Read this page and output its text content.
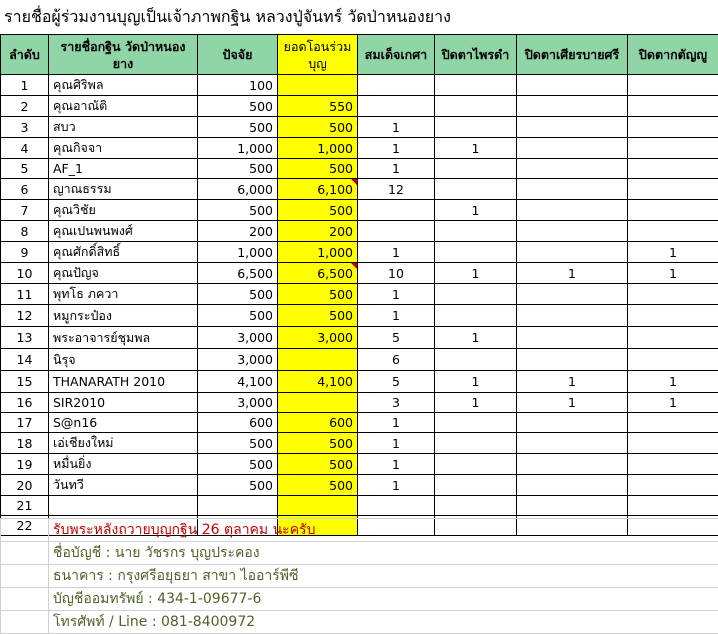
รายชื่อผู้ร่วมงานบุญเป็นเจ้าภาพกฐิน หลวงปู่จันทร์ วัดป่าหนองยาง
ลำดับ	รายชื่อกฐิน วัดป่าหนองยาง	ปัจจัย	ยอดโอนร่วมบุญ	สมเด็จเกศา	ปิดตาไพรดำ	ปิดตาเศียรบายศรี	ปิดตากตัญญู
1	คุณศิริพล	100					
2	คุณอาณัติ	500	550				
3	สบว	500	500	1			
4	คุณกิจจา	1,000	1,000	1	1		
5	AF_1	500	500	1			
6	ญาณธรรม	6,000	6,100	12			
7	คุณวิชัย	500	500		1		
8	คุณเปนพนพงศ์	200	200				
9	คุณศักดิ์สิทธิ์	1,000	1,000	1			1
10	คุณปัญจ	6,500	6,500	10	1	1	1
11	พุทโธ ภควา	500	500	1			
12	หมูกระป๋อง	500	500	1			
13	พระอาจารย์ชุมพล	3,000	3,000	5	1		
14	นิรุจ	3,000		6			
15	THANARATH 2010	4,100	4,100	5	1	1	1
16	SIR2010	3,000		3	1	1	1
17	S@n16	600	600	1			
18	เอ่เชียงใหม่	500	500	1			
19	หมื่นยิ่ง	500	500	1			
20	วันทวี	500	500	1			
21							
22							
	รับพระหลังถวายบุญกฐิน 26 ตุลาคม นะครับ
	ชื่อบัญชี : นาย วัชรกร บุญประคอง
	ธนาคาร : กรุงศรีอยุธยา สาขา ไออาร์พีซี
	บัญชีออมทรัพย์ : 434-1-09677-6
	โทรศัพท์ / Line : 081-8400972
